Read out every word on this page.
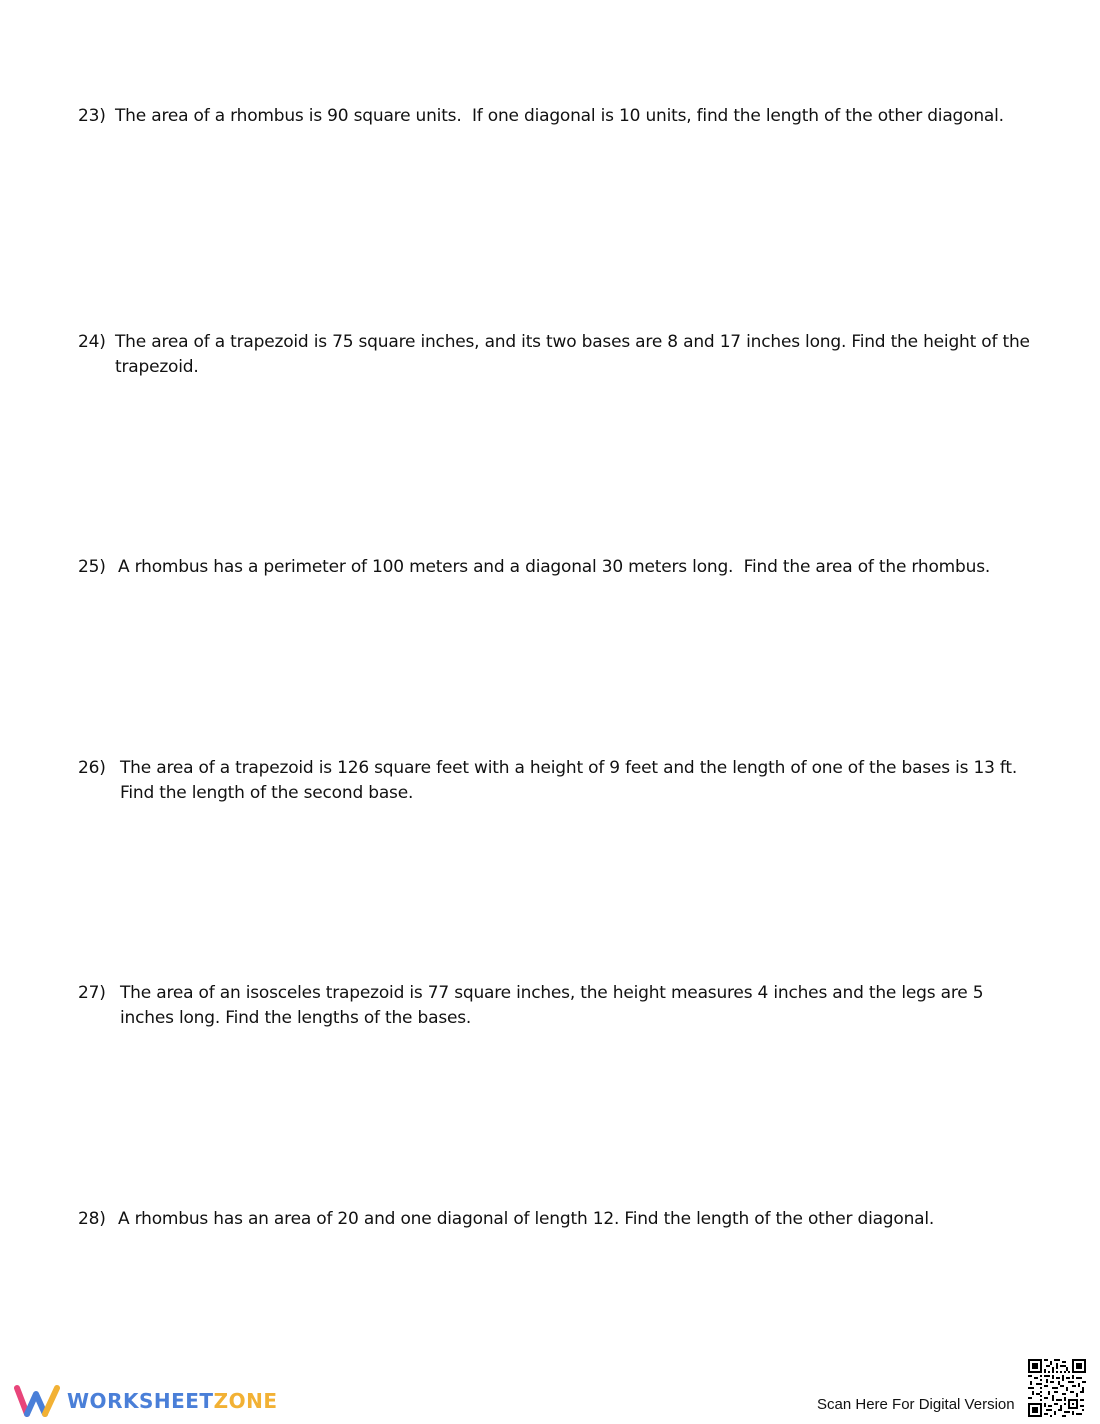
23) The area of a rhombus is 90 square units.  If one diagonal is 10 units, find the length of the other diagonal.
24) The area of a trapezoid is 75 square inches, and its two bases are 8 and 17 inches long. Find the height of the trapezoid.
25) A rhombus has a perimeter of 100 meters and a diagonal 30 meters long.  Find the area of the rhombus.
26) The area of a trapezoid is 126 square feet with a height of 9 feet and the length of one of the bases is 13 ft.  Find the length of the second base.
27) The area of an isosceles trapezoid is 77 square inches, the height measures 4 inches and the legs are 5 inches long. Find the lengths of the bases.
28) A rhombus has an area of 20 and one diagonal of length 12. Find the length of the other diagonal.
WORKSHEETZONE	Scan Here For Digital Version
